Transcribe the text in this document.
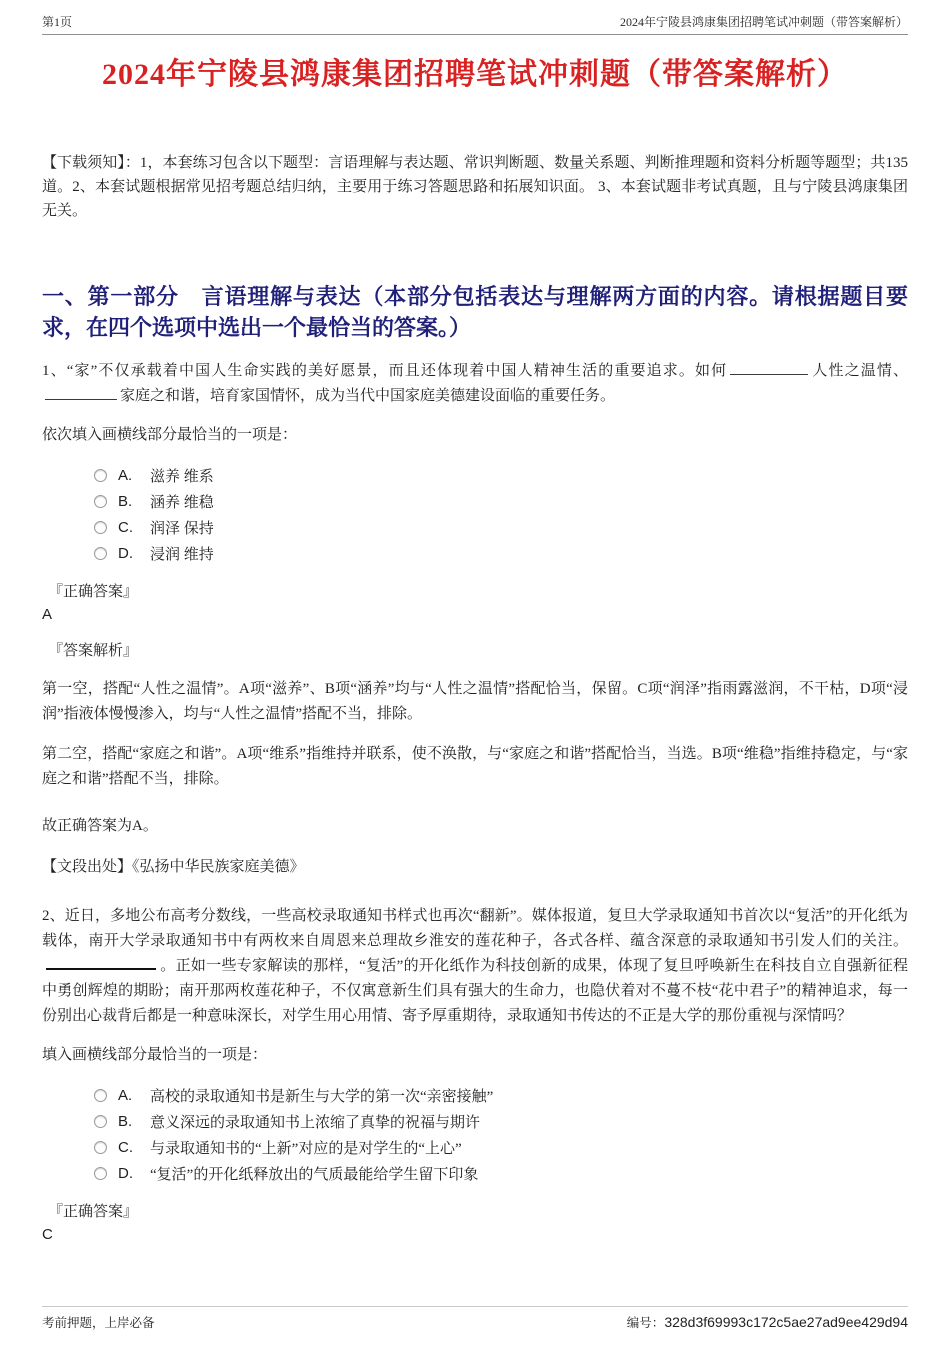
第1页	2024年宁陵县鸿康集团招聘笔试冲刺题（带答案解析）
2024年宁陵县鸿康集团招聘笔试冲刺题（带答案解析）

【下载须知】：1，本套练习包含以下题型：言语理解与表达题、常识判断题、数量关系题、判断推理题和资料分析题等题型；共135道。2、本套试题根据常见招考题总结归纳，主要用于练习答题思路和拓展知识面。 3、本套试题非考试真题，且与宁陵县鸿康集团无关。

一、第一部分　言语理解与表达（本部分包括表达与理解两方面的内容。请根据题目要求，在四个选项中选出一个最恰当的答案。）

1、“家”不仅承载着中国人生命实践的美好愿景，而且还体现着中国人精神生活的重要追求。如何	人性之温情、家庭之和谐，培育家国情怀，成为当代中国家庭美德建设面临的重要任务。

依次填入画横线部分最恰当的一项是：

A.	滋养 维系
B.	涵养 维稳
C.	润泽 保持
D.	浸润 维持
『正确答案』
A
『答案解析』

第一空，搭配“人性之温情”。A项“滋养”、B项“涵养”均与“人性之温情”搭配恰当，保留。C项“润泽”指雨露滋润，不干枯，D项“浸润”指液体慢慢渗入，均与“人性之温情”搭配不当，排除。

第二空，搭配“家庭之和谐”。A项“维系”指维持并联系，使不涣散，与“家庭之和谐”搭配恰当，当选。B项“维稳”指维持稳定，与“家庭之和谐”搭配不当，排除。

故正确答案为A。

【文段出处】《弘扬中华民族家庭美德》

2、近日，多地公布高考分数线，一些高校录取通知书样式也再次“翻新”。媒体报道，复旦大学录取通知书首次以“复活”的开化纸为载体，南开大学录取通知书中有两枚来自周恩来总理故乡淮安的莲花种子，各式各样、蕴含深意的录取通知书引发人们的关注。。正如一些专家解读的那样，“复活”的开化纸作为科技创新的成果，体现了复旦呼唤新生在科技自立自强新征程中勇创辉煌的期盼；南开那两枚莲花种子，不仅寓意新生们具有强大的生命力，也隐伏着对不蔓不枝“花中君子”的精神追求，每一份别出心裁背后都是一种意味深长，对学生用心用情、寄予厚重期待，录取通知书传达的不正是大学的那份重视与深情吗？

填入画横线部分最恰当的一项是：

A.	高校的录取通知书是新生与大学的第一次“亲密接触”
B.	意义深远的录取通知书上浓缩了真挚的祝福与期许
C.	与录取通知书的“上新”对应的是对学生的“上心”
D.	“复活”的开化纸释放出的气质最能给学生留下印象
『正确答案』
C
考前押题，上岸必备	编号：328d3f69993c172c5ae27ad9ee429d94
